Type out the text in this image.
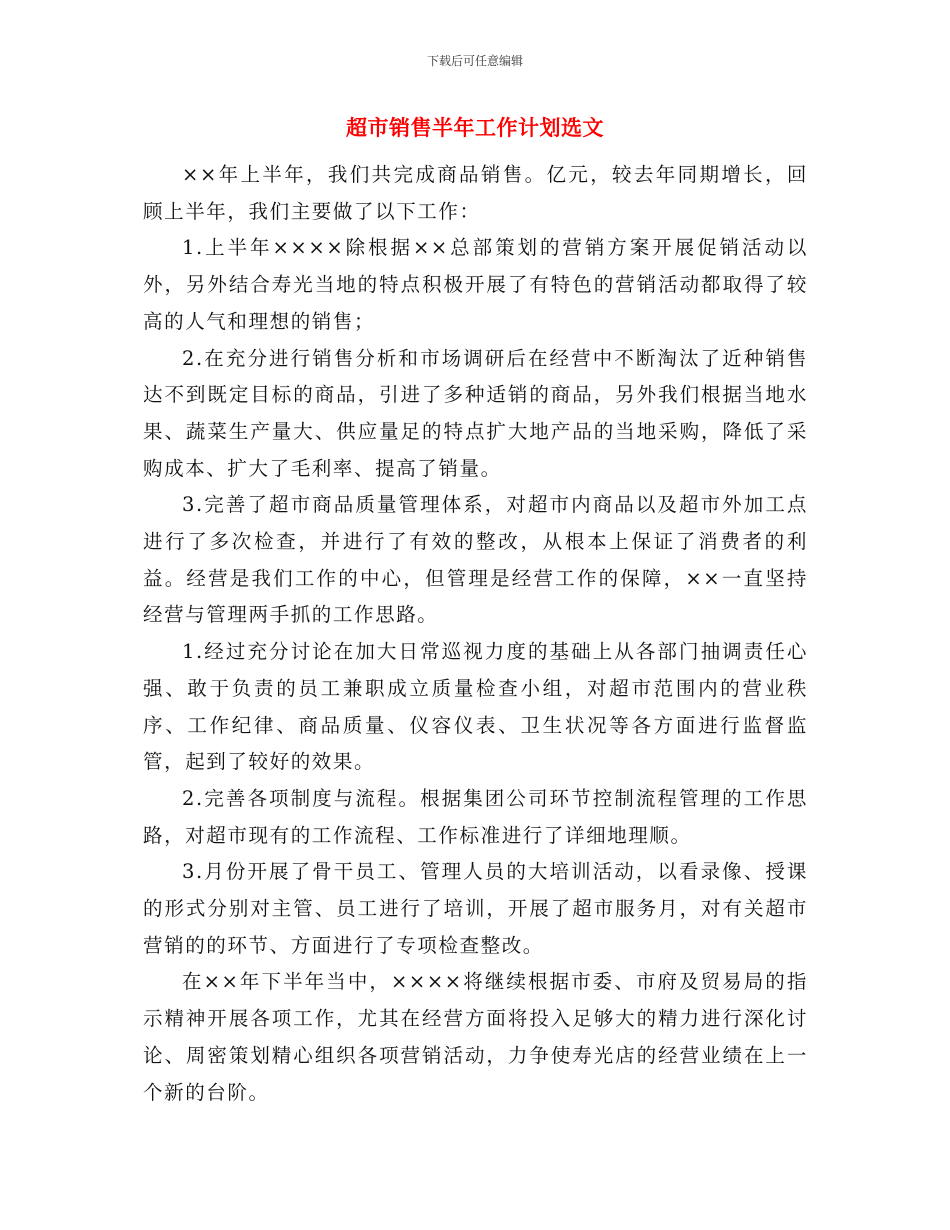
下载后可任意编辑
超市销售半年工作计划选文

××年上半年，我们共完成商品销售。亿元，较去年同期增长，回顾上半年，我们主要做了以下工作：

1.上半年××××除根据××总部策划的营销方案开展促销活动以外，另外结合寿光当地的特点积极开展了有特色的营销活动都取得了较高的人气和理想的销售；

2.在充分进行销售分析和市场调研后在经营中不断淘汰了近种销售达不到既定目标的商品，引进了多种适销的商品，另外我们根据当地水果、蔬菜生产量大、供应量足的特点扩大地产品的当地采购，降低了采购成本、扩大了毛利率、提高了销量。

3.完善了超市商品质量管理体系，对超市内商品以及超市外加工点进行了多次检查，并进行了有效的整改，从根本上保证了消费者的利益。经营是我们工作的中心，但管理是经营工作的保障，××一直坚持经营与管理两手抓的工作思路。

1.经过充分讨论在加大日常巡视力度的基础上从各部门抽调责任心强、敢于负责的员工兼职成立质量检查小组，对超市范围内的营业秩序、工作纪律、商品质量、仪容仪表、卫生状况等各方面进行监督监管，起到了较好的效果。

2.完善各项制度与流程。根据集团公司环节控制流程管理的工作思路，对超市现有的工作流程、工作标准进行了详细地理顺。

3.月份开展了骨干员工、管理人员的大培训活动，以看录像、授课的形式分别对主管、员工进行了培训，开展了超市服务月，对有关超市营销的的环节、方面进行了专项检查整改。

在××年下半年当中，××××将继续根据市委、市府及贸易局的指示精神开展各项工作，尤其在经营方面将投入足够大的精力进行深化讨论、周密策划精心组织各项营销活动，力争使寿光店的经营业绩在上一个新的台阶。
